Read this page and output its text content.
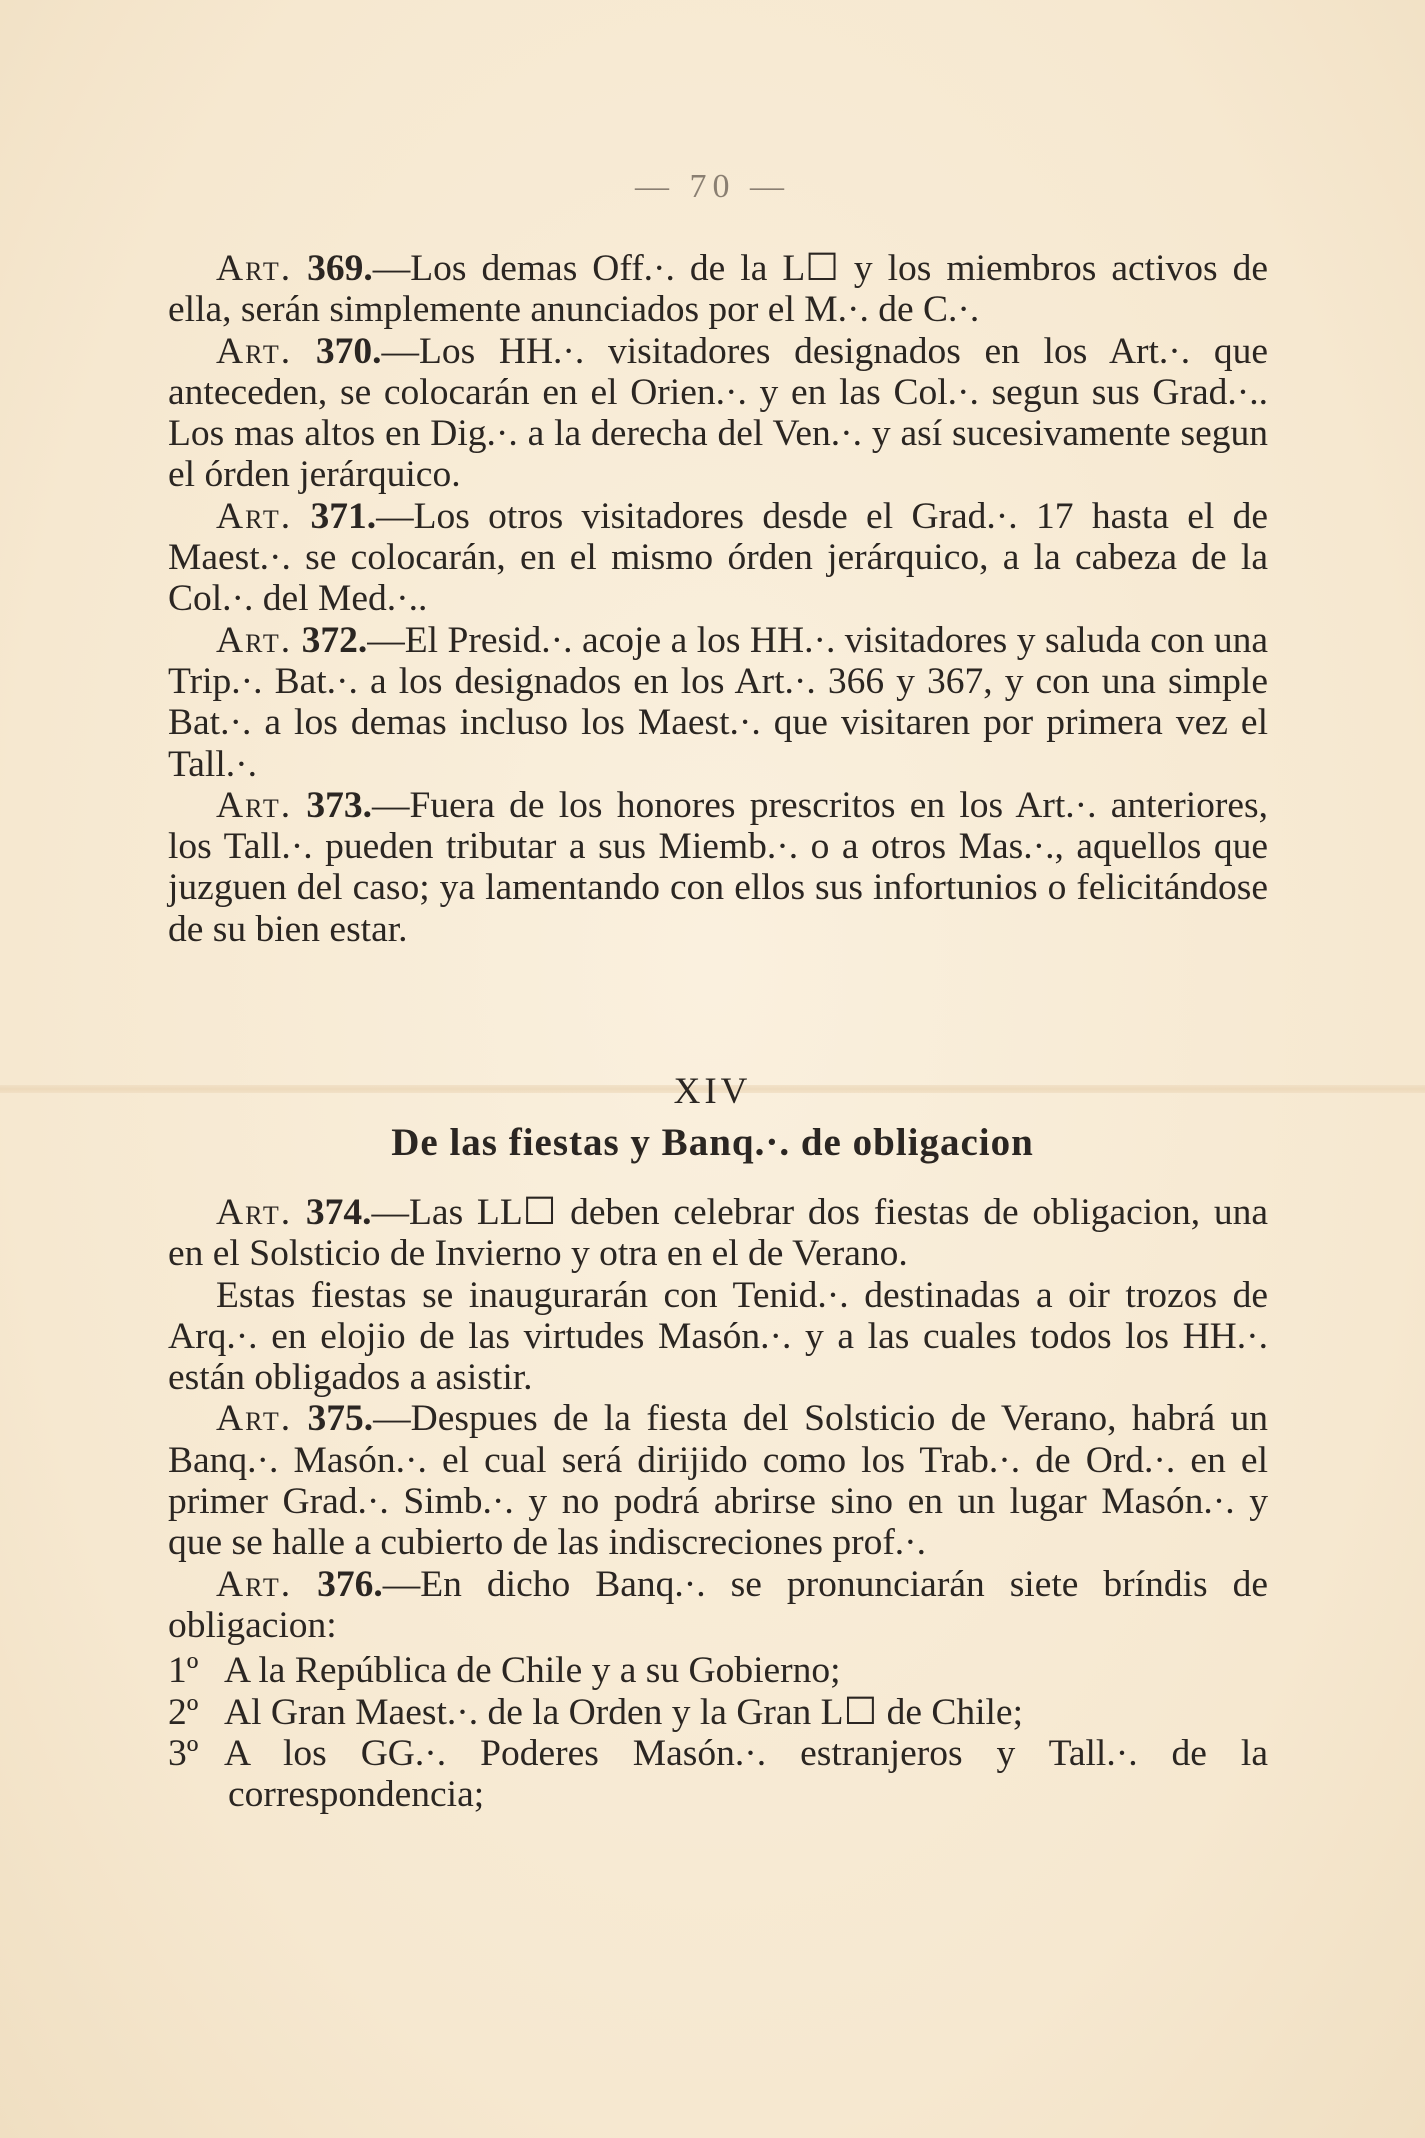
— 70 —

Art. 369.—Los demas Off.·. de la L☐ y los miembros activos de ella, serán simplemente anunciados por el M.·. de C.·.

Art. 370.—Los HH.·. visitadores designados en los Art.·. que anteceden, se colocarán en el Orien.·. y en las Col.·. segun sus Grad.·.. Los mas altos en Dig.·. a la derecha del Ven.·. y así sucesivamente segun el órden jerárquico.

Art. 371.—Los otros visitadores desde el Grad.·. 17 hasta el de Maest.·. se colocarán, en el mismo órden jerárquico, a la cabeza de la Col.·. del Med.·..

Art. 372.—El Presid.·. acoje a los HH.·. visitadores y saluda con una Trip.·. Bat.·. a los designados en los Art.·. 366 y 367, y con una simple Bat.·. a los demas incluso los Maest.·. que visitaren por primera vez el Tall.·.

Art. 373.—Fuera de los honores prescritos en los Art.·. anteriores, los Tall.·. pueden tributar a sus Miemb.·. o a otros Mas.·., aquellos que juzguen del caso; ya lamentando con ellos sus infortunios o felicitándose de su bien estar.

XIV
De las fiestas y Banq.·. de obligacion

Art. 374.—Las LL☐ deben celebrar dos fiestas de obligacion, una en el Solsticio de Invierno y otra en el de Verano.

Estas fiestas se inaugurarán con Tenid.·. destinadas a oir trozos de Arq.·. en elojio de las virtudes Masón.·. y a las cuales todos los HH.·. están obligados a asistir.

Art. 375.—Despues de la fiesta del Solsticio de Verano, habrá un Banq.·. Masón.·. el cual será dirijido como los Trab.·. de Ord.·. en el primer Grad.·. Simb.·. y no podrá abrirse sino en un lugar Masón.·. y que se halle a cubierto de las indiscreciones prof.·.

Art. 376.—En dicho Banq.·. se pronunciarán siete bríndis de obligacion:

1º A la República de Chile y a su Gobierno;

2º Al Gran Maest.·. de la Orden y la Gran L☐ de Chile;

3º A los GG.·. Poderes Masón.·. estranjeros y Tall.·. de la correspondencia;
